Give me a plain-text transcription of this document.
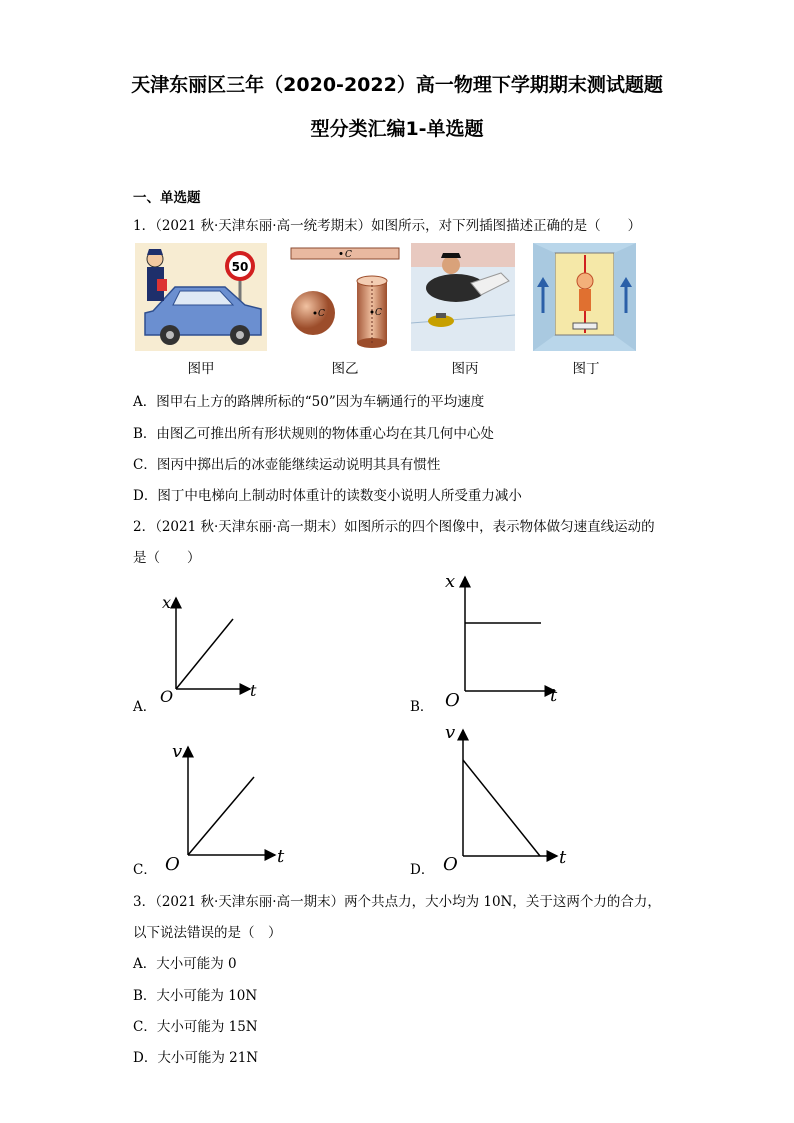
天津东丽区三年（2020-2022）高一物理下学期期末测试题题
型分类汇编1-单选题
一、单选题
1．（2021 秋·天津东丽·高一统考期末）如图所示，对下列插图描述正确的是（　　）
50
C
C	C
图甲	图乙	图丙	图丁
A．图甲右上方的路牌所标的“50”因为车辆通行的平均速度
B．由图乙可推出所有形状规则的物体重心均在其几何中心处
C．图丙中掷出后的冰壶能继续运动说明其具有惯性
D．图丁中电梯向上制动时体重计的读数变小说明人所受重力减小
2．（2021 秋·天津东丽·高一期末）如图所示的四个图像中，表示物体做匀速直线运动的
是（　　）
A．
x
t
O
B．
x
t
O
C．
v
t
O	D．
v
t
O
3．（2021 秋·天津东丽·高一期末）两个共点力，大小均为 10N，关于这两个力的合力，
以下说法错误的是（　）
A．大小可能为 0
B．大小可能为 10N
C．大小可能为 15N
D．大小可能为 21N
